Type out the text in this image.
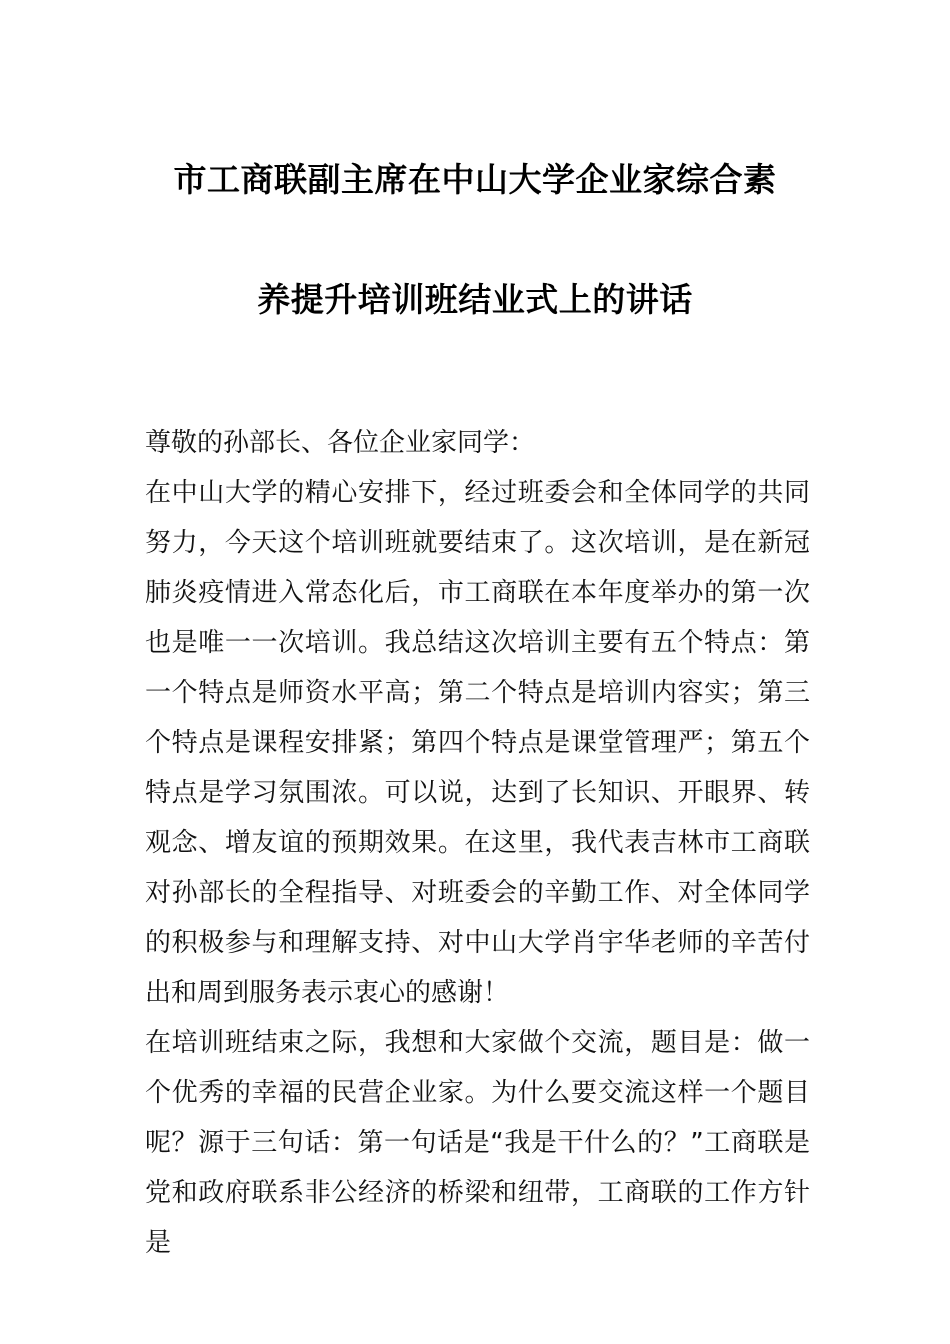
市工商联副主席在中山大学企业家综合素
养提升培训班结业式上的讲话

尊敬的孙部长、各位企业家同学：

在中山大学的精心安排下，经过班委会和全体同学的共同努力，今天这个培训班就要结束了。这次培训，是在新冠肺炎疫情进入常态化后，市工商联在本年度举办的第一次也是唯一一次培训。我总结这次培训主要有五个特点：第一个特点是师资水平高；第二个特点是培训内容实；第三个特点是课程安排紧；第四个特点是课堂管理严；第五个特点是学习氛围浓。可以说，达到了长知识、开眼界、转观念、增友谊的预期效果。在这里，我代表吉林市工商联对孙部长的全程指导、对班委会的辛勤工作、对全体同学的积极参与和理解支持、对中山大学肖宇华老师的辛苦付出和周到服务表示衷心的感谢！

在培训班结束之际，我想和大家做个交流，题目是：做一个优秀的幸福的民营企业家。为什么要交流这样一个题目呢？源于三句话：第一句话是“我是干什么的？”工商联是党和政府联系非公经济的桥梁和纽带，工商联的工作方针是
